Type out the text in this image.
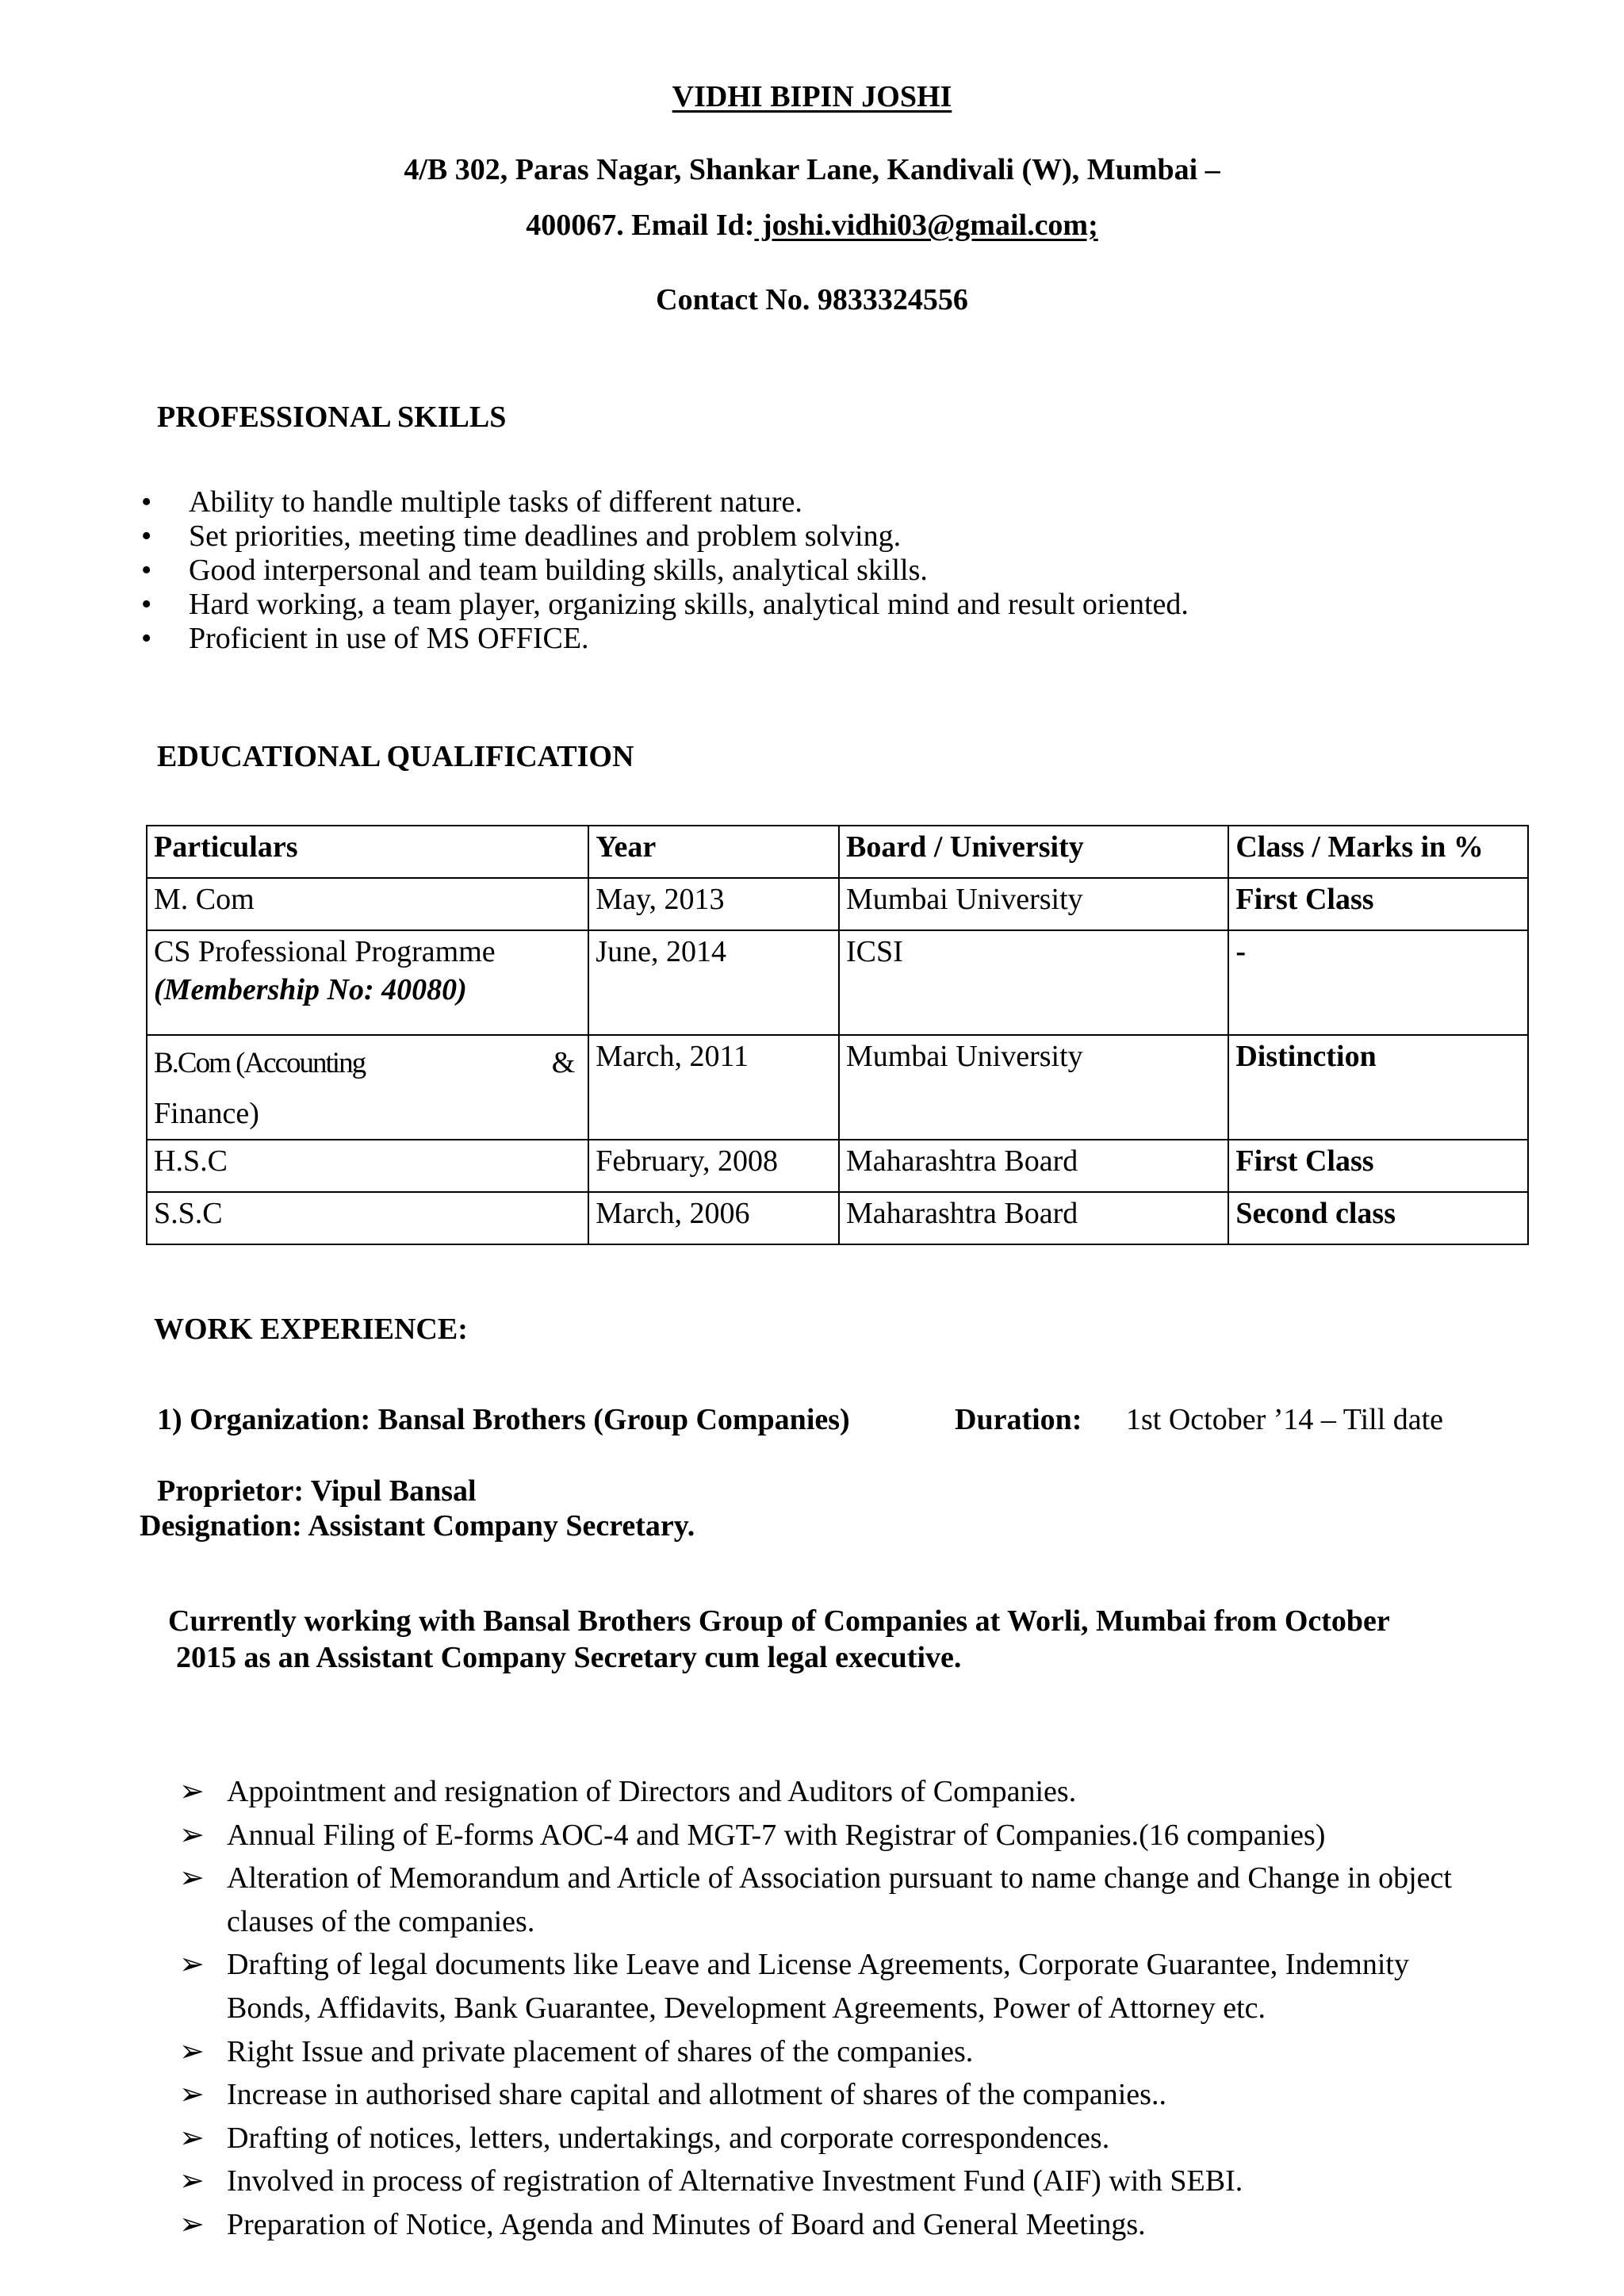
VIDHI BIPIN JOSHI
4/B 302, Paras Nagar, Shankar Lane, Kandivali (W), Mumbai –
400067. Email Id: joshi.vidhi03@gmail.com;
Contact No. 9833324556
PROFESSIONAL SKILLS
• Ability to handle multiple tasks of different nature.
• Set priorities, meeting time deadlines and problem solving.
• Good interpersonal and team building skills, analytical skills.
• Hard working, a team player, organizing skills, analytical mind and result oriented.
• Proficient in use of MS OFFICE.
EDUCATIONAL QUALIFICATION
Particulars	Year	Board / University	Class / Marks in %
M. Com	May, 2013	Mumbai University	First Class

CS Professional Programme
(Membership No: 40080)	June, 2014	ICSI	-

B.Com (Accounting &
Finance)	March, 2011	Mumbai University	Distinction
H.S.C	February, 2008	Maharashtra Board	First Class
S.S.C	March, 2006	Maharashtra Board	Second class
WORK EXPERIENCE:
1) Organization: Bansal Brothers (Group Companies)	Duration: 1st October ’14 – Till date
Proprietor: Vipul Bansal
Designation: Assistant Company Secretary.
Currently working with Bansal Brothers Group of Companies at Worli, Mumbai from October
2015 as an Assistant Company Secretary cum legal executive.
➢ Appointment and resignation of Directors and Auditors of Companies.
➢ Annual Filing of E-forms AOC-4 and MGT-7 with Registrar of Companies.(16 companies)
➢ Alteration of Memorandum and Article of Association pursuant to name change and Change in object clauses of the companies.
➢ Drafting of legal documents like Leave and License Agreements, Corporate Guarantee, Indemnity Bonds, Affidavits, Bank Guarantee, Development Agreements, Power of Attorney etc.
➢ Right Issue and private placement of shares of the companies.
➢ Increase in authorised share capital and allotment of shares of the companies..
➢ Drafting of notices, letters, undertakings, and corporate correspondences.
➢ Involved in process of registration of Alternative Investment Fund (AIF) with SEBI.
➢ Preparation of Notice, Agenda and Minutes of Board and General Meetings.
